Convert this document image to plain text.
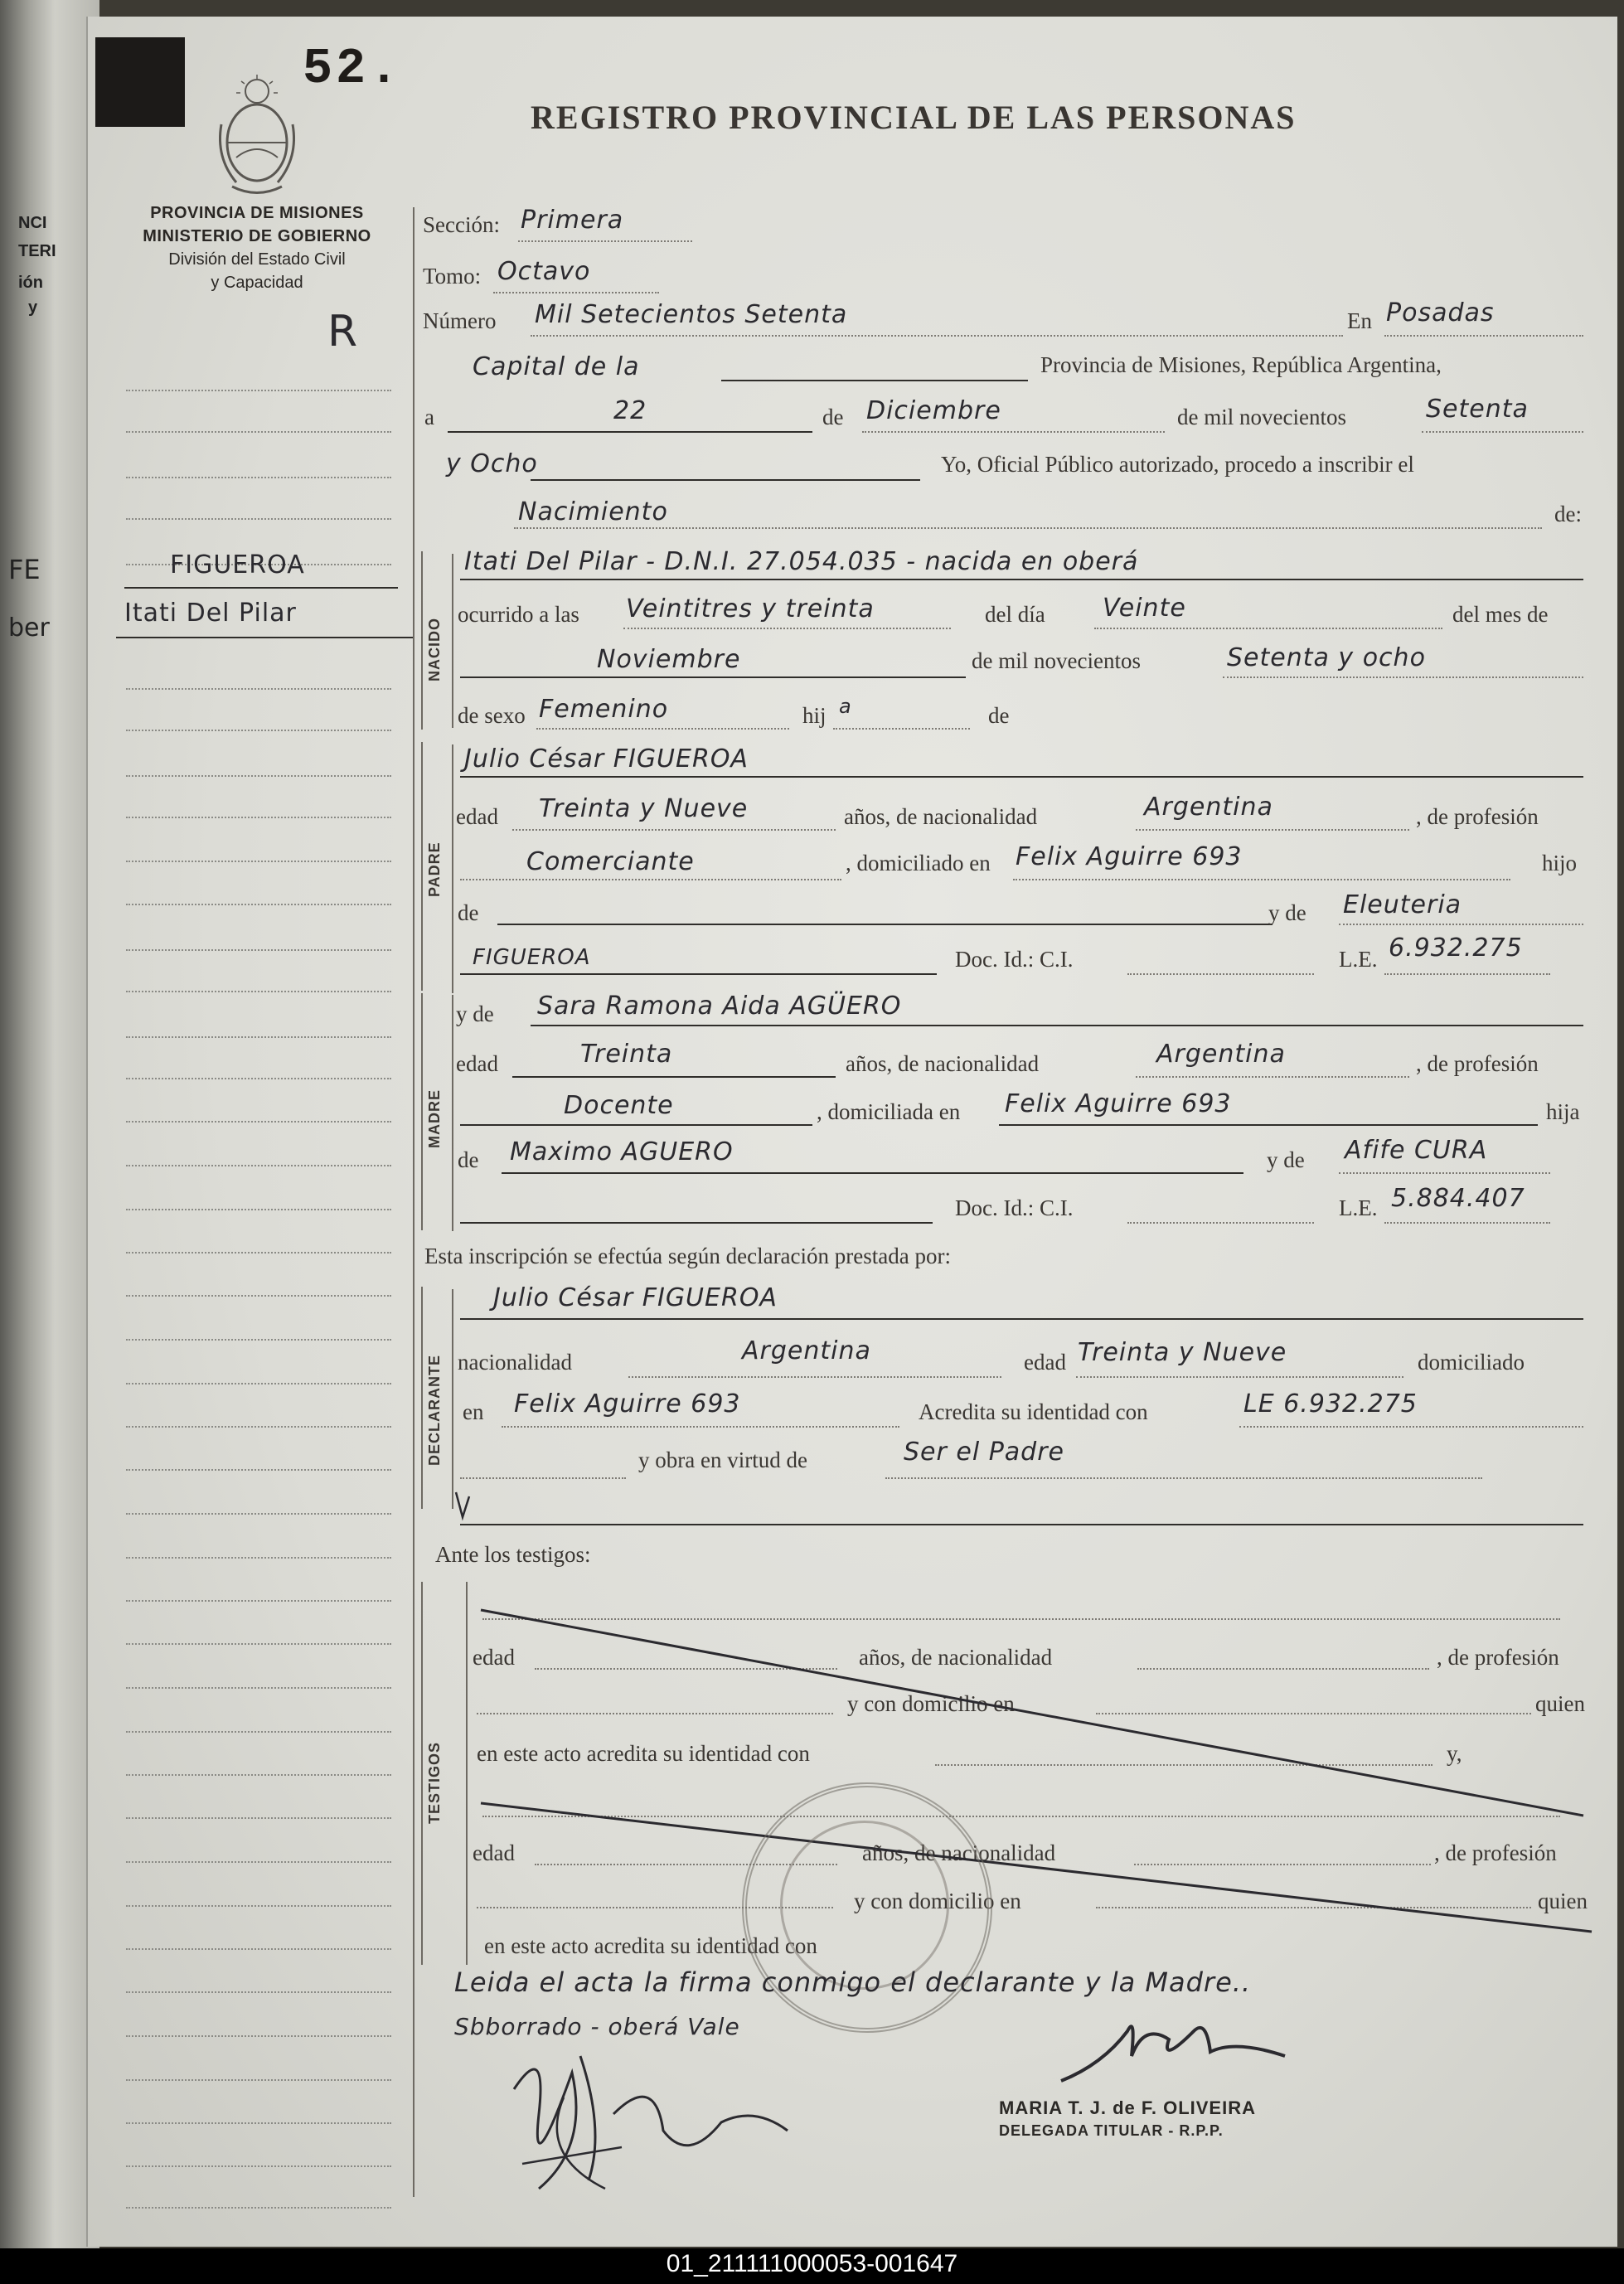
NCI
TERI
ión
y
FE
ber
52.
REGISTRO PROVINCIAL DE LAS PERSONAS
PROVINCIA DE MISIONES
MINISTERIO DE GOBIERNO
División del Estado Civil
y Capacidad
R
FIGUEROA
Itati Del Pilar
Sección: Primera
Tomo: Octavo
Número Mil Setecientos Setenta	En Posadas
Capital de la	Provincia de Misiones, República Argentina,
a	22	de Diciembre	de mil novecientos	Setenta
y Ocho	Yo, Oficial Público autorizado, procedo a inscribir el
Nacimiento	de:
NACIDO
Itati Del Pilar - D.N.I. 27.054.035 - nacida en oberá
ocurrido a las Veintitres y treinta	del día Veinte	del mes de
Noviembre	de mil novecientos	Setenta y ocho
de sexo Femenino	hij a	de
PADRE
Julio César FIGUEROA
edad Treinta y Nueve	años, de nacionalidad	Argentina	, de profesión
Comerciante	, domiciliado en Felix Aguirre 693	hijo
de	y de Eleuteria
FIGUEROA	Doc. Id.: C.I.	L.E. 6.932.275
MADRE
y de Sara Ramona Aida AGÜERO
edad	Treinta	años, de nacionalidad	Argentina	, de profesión
Docente	, domiciliada en Felix Aguirre 693	hija
de Maximo AGUERO	y de Afife CURA
Doc. Id.: C.I.	L.E. 5.884.407
Esta inscripción se efectúa según declaración prestada por:
DECLARANTE
Julio César FIGUEROA
nacionalidad	Argentina	edad Treinta y Nueve	domiciliado
en Felix Aguirre 693	Acredita su identidad con	LE 6.932.275
y obra en virtud de	Ser el Padre
Ante los testigos:
TESTIGOS
edad	años, de nacionalidad	, de profesión
y con domicilio en	quien
en este acto acredita su identidad con	y,
edad	años, de nacionalidad	, de profesión
y con domicilio en	quien
en este acto acredita su identidad con
Leida el acta la firma conmigo el declarante y la Madre..
Sbborrado - oberá Vale
MARIA T. J. de F. OLIVEIRA
DELEGADA TITULAR - R.P.P.
01_211111000053-001647
